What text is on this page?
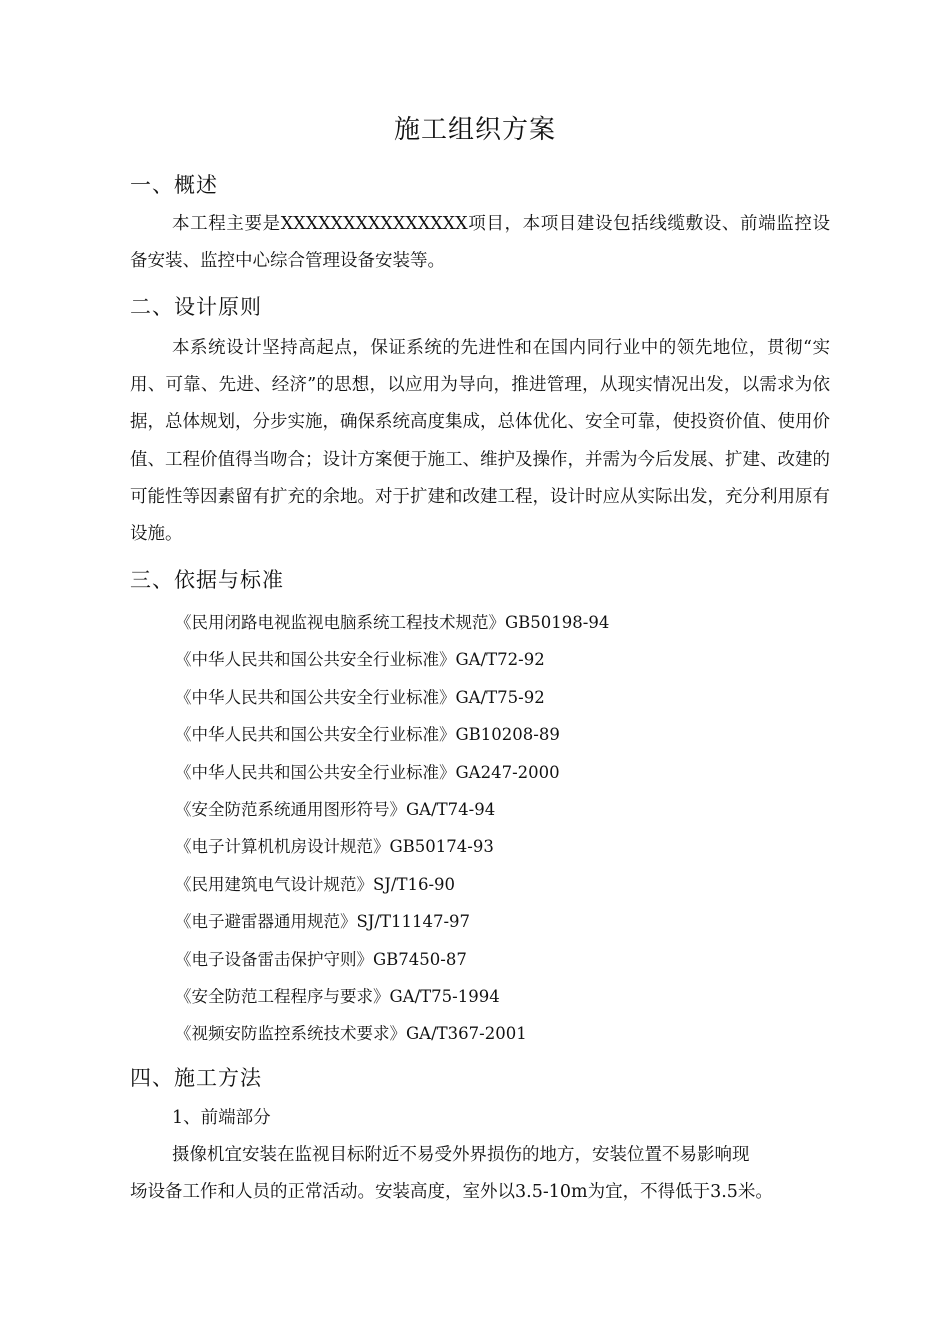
施工组织方案
一、概述

本工程主要是XXXXXXXXXXXXXXX项目，本项目建设包括线缆敷设、前端监控设备安装、监控中心综合管理设备安装等。

二、设计原则

本系统设计坚持高起点，保证系统的先进性和在国内同行业中的领先地位，贯彻“实用、可靠、先进、经济”的思想，以应用为导向，推进管理，从现实情况出发，以需求为依据，总体规划，分步实施，确保系统高度集成，总体优化、安全可靠，使投资价值、使用价值、工程价值得当吻合；设计方案便于施工、维护及操作，并需为今后发展、扩建、改建的可能性等因素留有扩充的余地。对于扩建和改建工程，设计时应从实际出发，充分利用原有设施。

三、依据与标准
《民用闭路电视监视电脑系统工程技术规范》GB50198-94
《中华人民共和国公共安全行业标准》GA/T72-92
《中华人民共和国公共安全行业标准》GA/T75-92
《中华人民共和国公共安全行业标准》GB10208-89
《中华人民共和国公共安全行业标准》GA247-2000
《安全防范系统通用图形符号》GA/T74-94
《电子计算机机房设计规范》GB50174-93
《民用建筑电气设计规范》SJ/T16-90
《电子避雷器通用规范》SJ/T11147-97
《电子设备雷击保护守则》GB7450-87
《安全防范工程程序与要求》GA/T75-1994
《视频安防监控系统技术要求》GA/T367-2001
四、施工方法
1、前端部分

摄像机宜安装在监视目标附近不易受外界损伤的地方，安装位置不易影响现
场设备工作和人员的正常活动。安装高度，室外以3.5-10m为宜，不得低于3.5米。
